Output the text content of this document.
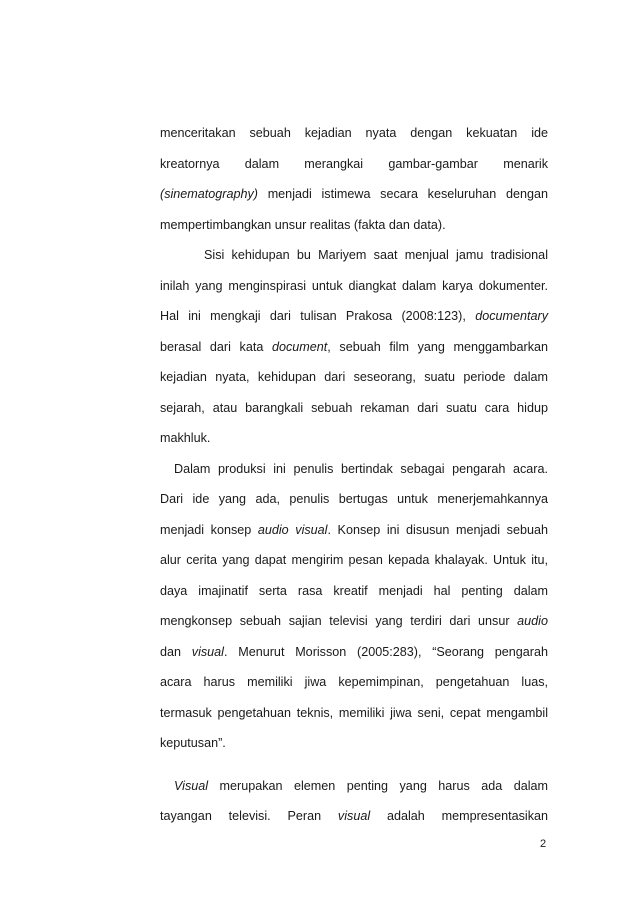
menceritakan sebuah kejadian nyata dengan kekuatan ide
kreatornya dalam merangkai gambar-gambar menarik
(sinematography) menjadi istimewa secara keseluruhan dengan
mempertimbangkan unsur realitas (fakta dan data).
Sisi kehidupan bu Mariyem saat menjual jamu tradisional
inilah yang menginspirasi untuk diangkat dalam karya dokumenter.
Hal ini mengkaji dari tulisan Prakosa (2008:123), documentary
berasal dari kata document, sebuah film yang menggambarkan
kejadian nyata, kehidupan dari seseorang, suatu periode dalam
sejarah, atau barangkali sebuah rekaman dari suatu cara hidup
makhluk.
Dalam produksi ini penulis bertindak sebagai pengarah acara.
Dari ide yang ada, penulis bertugas untuk menerjemahkannya
menjadi konsep audio visual. Konsep ini disusun menjadi sebuah
alur cerita yang dapat mengirim pesan kepada khalayak. Untuk itu,
daya imajinatif serta rasa kreatif menjadi hal penting dalam
mengkonsep sebuah sajian televisi yang terdiri dari unsur audio
dan visual. Menurut Morisson (2005:283), “Seorang pengarah
acara harus memiliki jiwa kepemimpinan, pengetahuan luas,
termasuk pengetahuan teknis, memiliki jiwa seni, cepat mengambil
keputusan”.
Visual merupakan elemen penting yang harus ada dalam
tayangan televisi. Peran visual adalah mempresentasikan
2
